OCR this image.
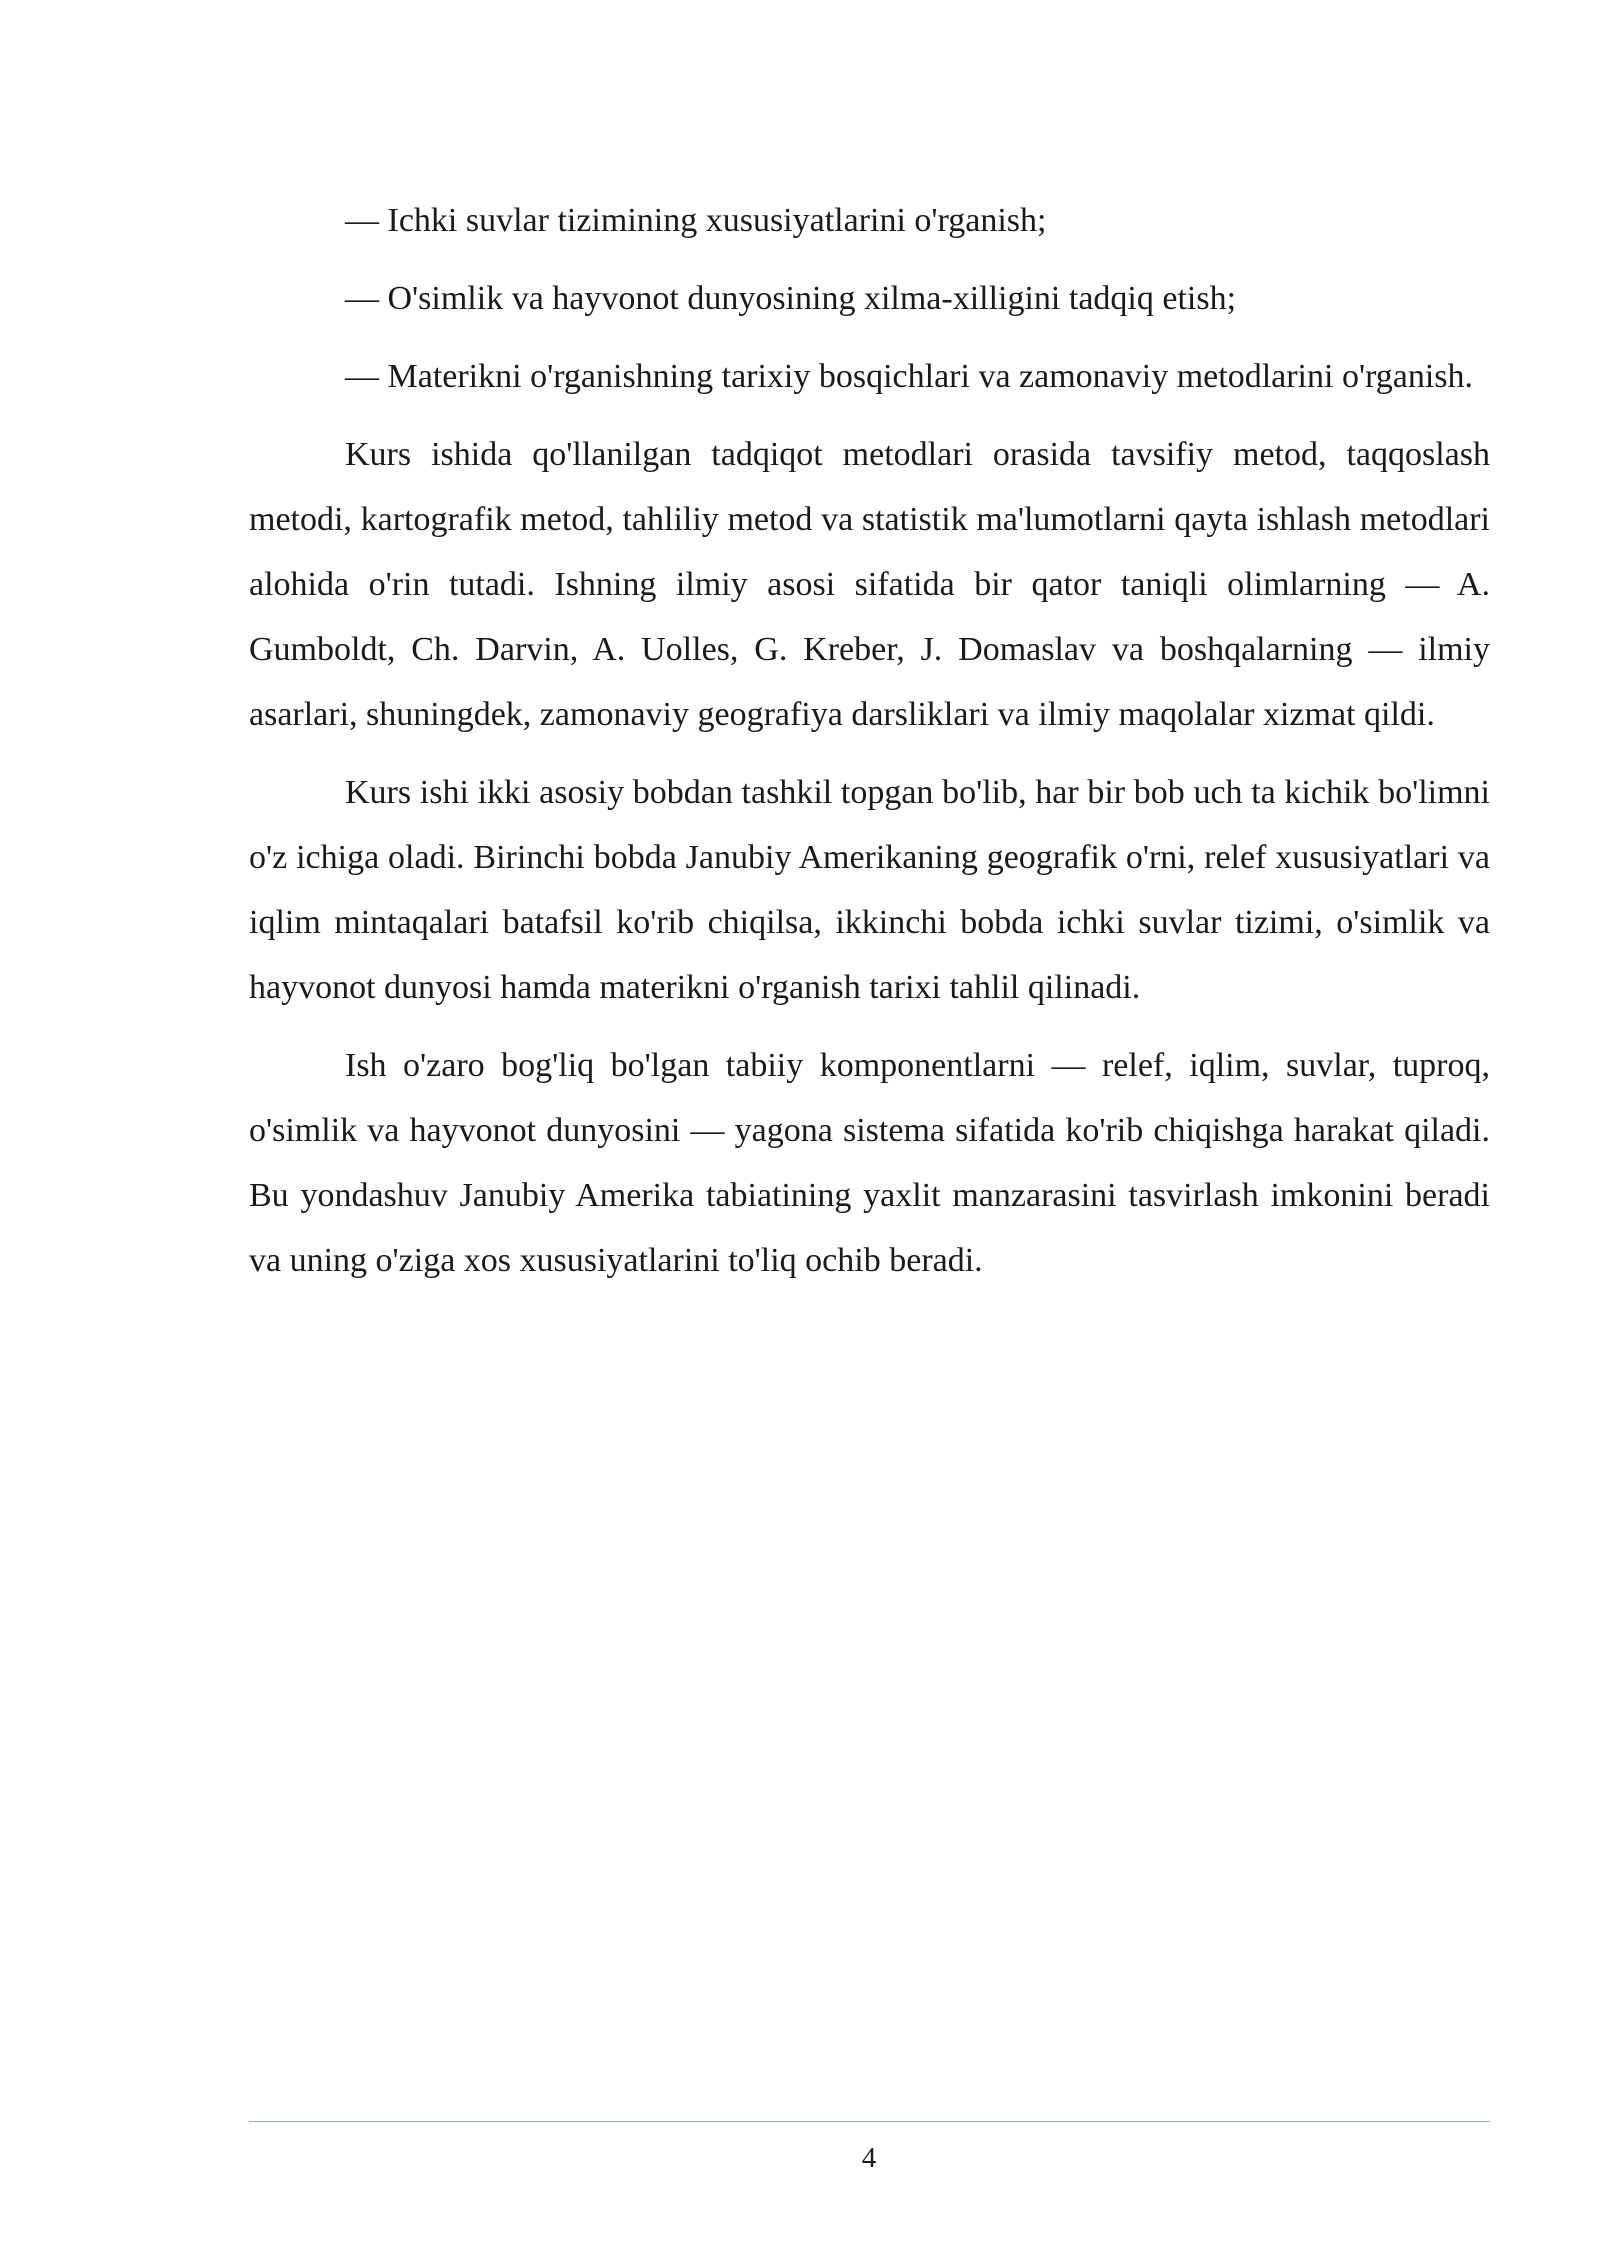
— Ichki suvlar tizimining xususiyatlarini o'rganish;

— O'simlik va hayvonot dunyosining xilma-xilligini tadqiq etish;

— Materikni o'rganishning tarixiy bosqichlari va zamonaviy metodlarini o'rganish.

Kurs ishida qo'llanilgan tadqiqot metodlari orasida tavsifiy metod, taqqoslash metodi, kartografik metod, tahliliy metod va statistik ma'lumotlarni qayta ishlash metodlari alohida o'rin tutadi. Ishning ilmiy asosi sifatida bir qator taniqli olimlarning — A. Gumboldt, Ch. Darvin, A. Uolles, G. Kreber, J. Domaslav va boshqalarning — ilmiy asarlari, shuningdek, zamonaviy geografiya darsliklari va ilmiy maqolalar xizmat qildi.

Kurs ishi ikki asosiy bobdan tashkil topgan bo'lib, har bir bob uch ta kichik bo'limni o'z ichiga oladi. Birinchi bobda Janubiy Amerikaning geografik o'rni, relef xususiyatlari va iqlim mintaqalari batafsil ko'rib chiqilsa, ikkinchi bobda ichki suvlar tizimi, o'simlik va hayvonot dunyosi hamda materikni o'rganish tarixi tahlil qilinadi.

Ish o'zaro bog'liq bo'lgan tabiiy komponentlarni — relef, iqlim, suvlar, tuproq, o'simlik va hayvonot dunyosini — yagona sistema sifatida ko'rib chiqishga harakat qiladi. Bu yondashuv Janubiy Amerika tabiatining yaxlit manzarasini tasvirlash imkonini beradi va uning o'ziga xos xususiyatlarini to'liq ochib beradi.

4
